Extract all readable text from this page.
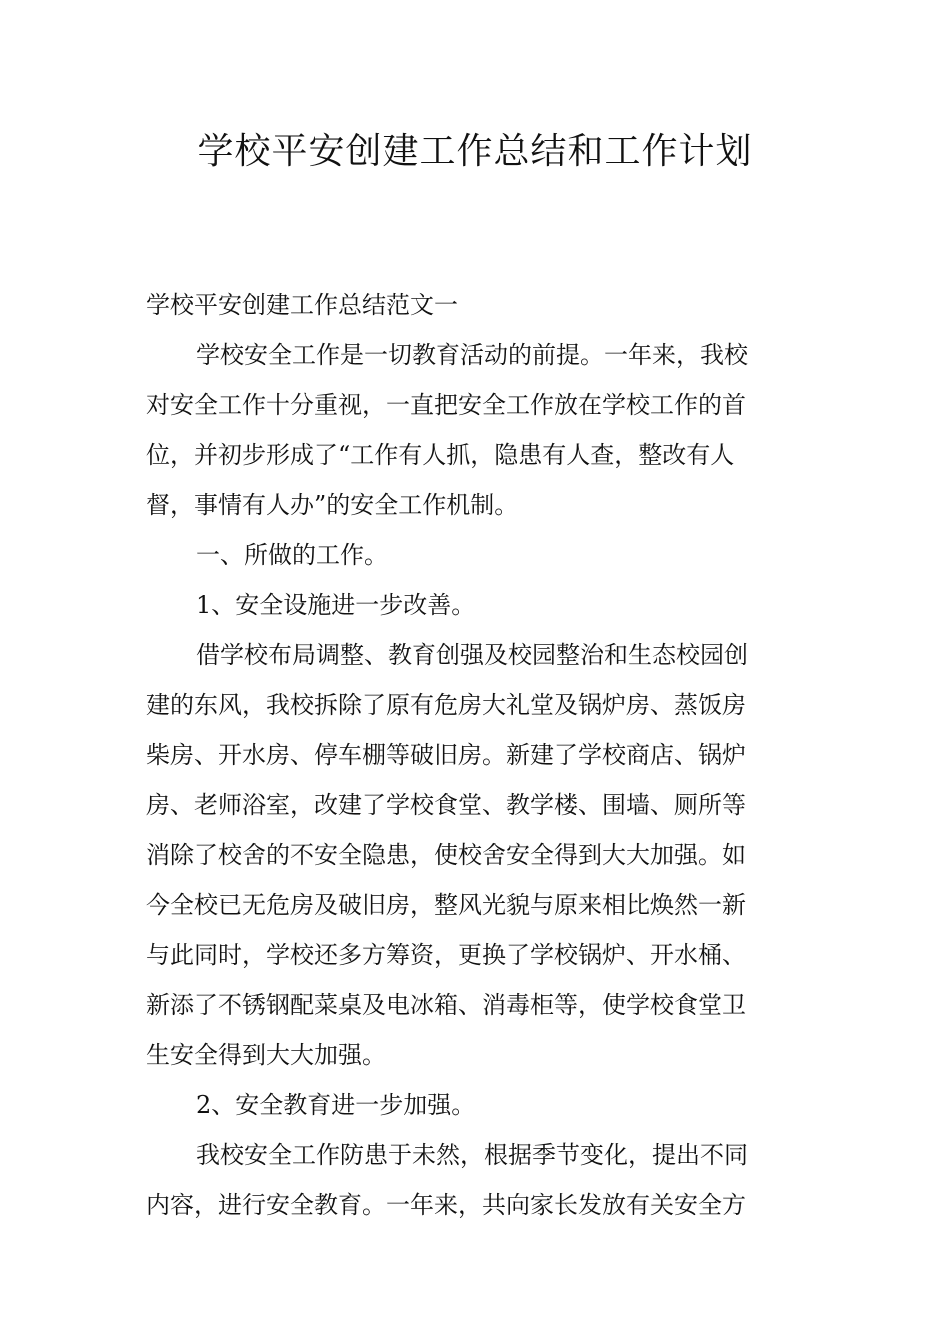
学校平安创建工作总结和工作计划
学校平安创建工作总结范文一
学校安全工作是一切教育活动的前提。一年来，我校
对安全工作十分重视，一直把安全工作放在学校工作的首
位，并初步形成了“工作有人抓，隐患有人查，整改有人
督，事情有人办”的安全工作机制。
一、所做的工作。
1、安全设施进一步改善。
借学校布局调整、教育创强及校园整治和生态校园创
建的东风，我校拆除了原有危房大礼堂及锅炉房、蒸饭房
柴房、开水房、停车棚等破旧房。新建了学校商店、锅炉
房、老师浴室，改建了学校食堂、教学楼、围墙、厕所等
消除了校舍的不安全隐患，使校舍安全得到大大加强。如
今全校已无危房及破旧房，整风光貌与原来相比焕然一新
与此同时，学校还多方筹资，更换了学校锅炉、开水桶、
新添了不锈钢配菜桌及电冰箱、消毒柜等，使学校食堂卫
生安全得到大大加强。
2、安全教育进一步加强。
我校安全工作防患于未然，根据季节变化，提出不同
内容，进行安全教育。一年来，共向家长发放有关安全方
